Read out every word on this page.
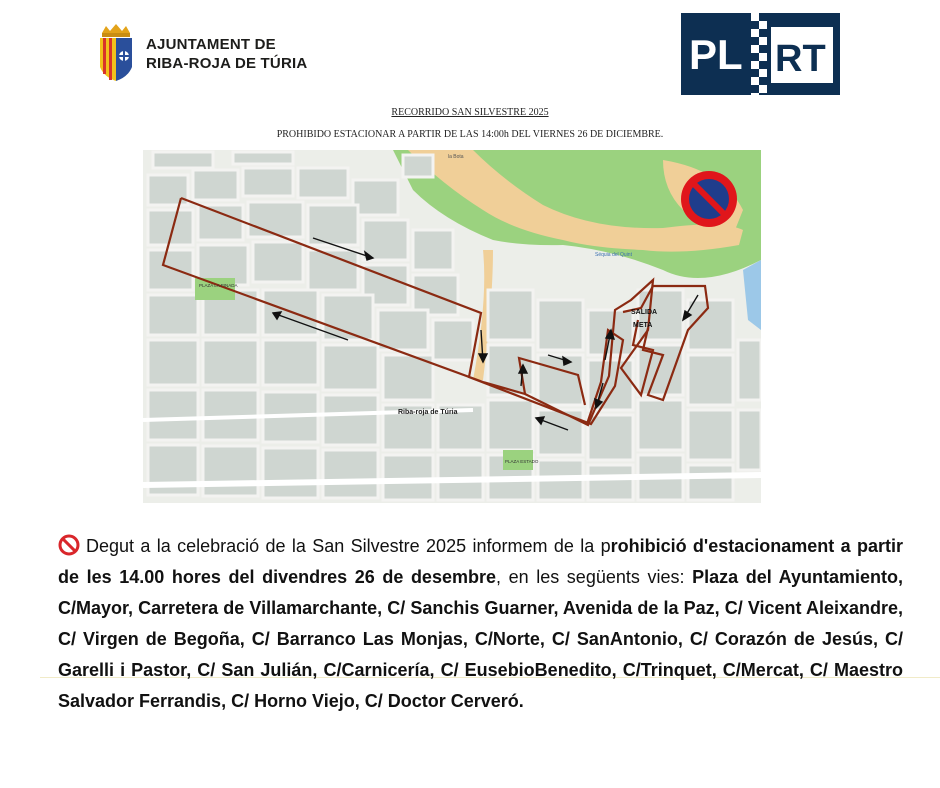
AJUNTAMENT DE
RIBA-ROJA DE TÚRIA	PL RT
RECORRIDO SAN SILVESTRE 2025
PROHIBIDO ESTACIONAR A PARTIR DE LAS 14:00h DEL VIERNES 26 DE DICIEMBRE.
SALIDA
META
Riba-roja de Túria
PLAZA LA PINADA
PLAZA ESTADO
Séquia del Quint
la Bota
Degut a la celebració de la San Silvestre 2025 informem de la prohibició d'estacionament a partir de les 14.00 hores del divendres 26 de desembre, en les següents vies: Plaza del Ayuntamiento, C/Mayor, Carretera de Villamarchante, C/ Sanchis Guarner, Avenida de la Paz, C/ Vicent Aleixandre, C/ Virgen de Begoña, C/ Barranco Las Monjas, C/Norte, C/ SanAntonio, C/ Corazón de Jesús, C/ Garelli i Pastor, C/ San Julián, C/Carnicería, C/ EusebioBenedito, C/Trinquet, C/Mercat, C/ Maestro Salvador Ferrandis, C/ Horno Viejo, C/ Doctor Cerveró.
